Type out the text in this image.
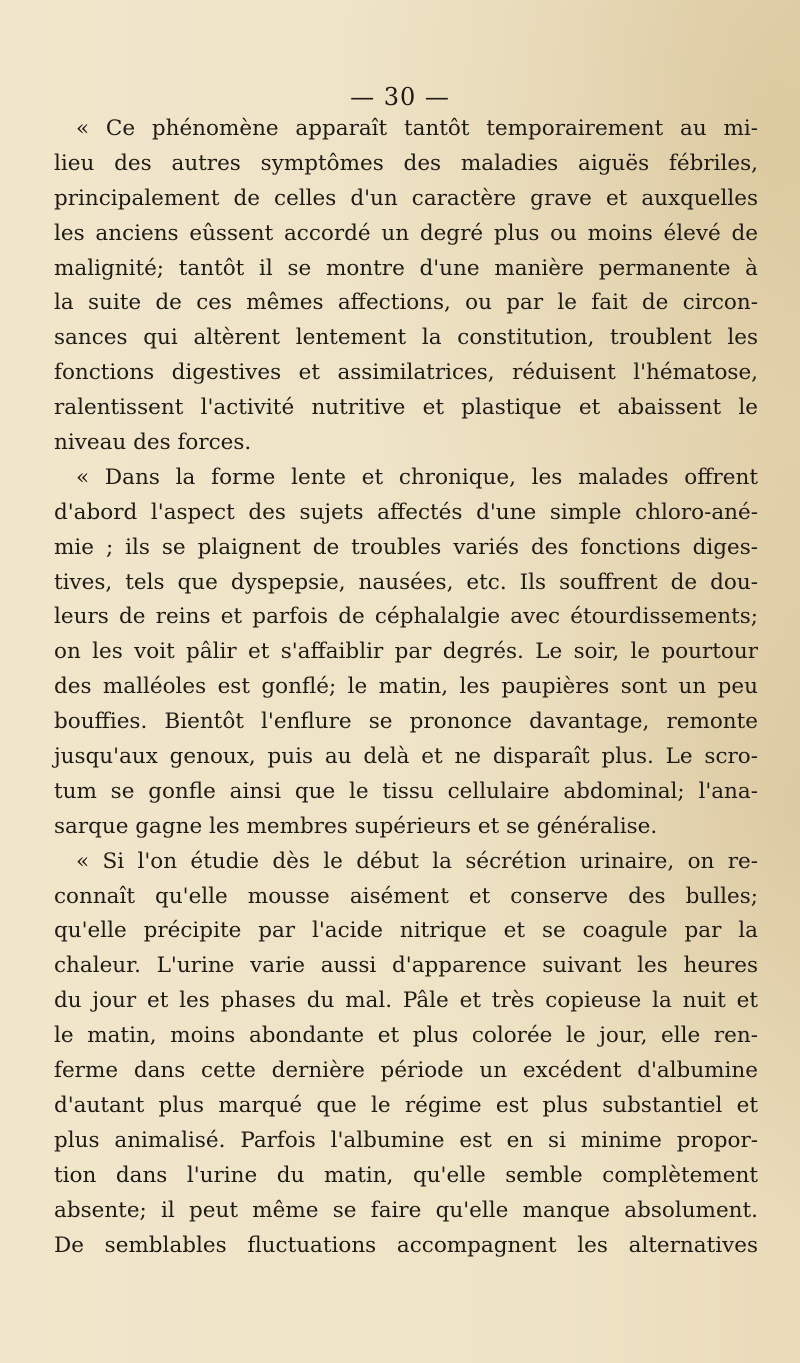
— 30 —
« Ce phénomène apparaît tantôt temporairement au mi-
lieu des autres symptômes des maladies aiguës fébriles,
principalement de celles d'un caractère grave et auxquelles
les anciens eûssent accordé un degré plus ou moins élevé de
malignité; tantôt il se montre d'une manière permanente à
la suite de ces mêmes affections, ou par le fait de circon-
sances qui altèrent lentement la constitution, troublent les
fonctions digestives et assimilatrices, réduisent l'hématose,
ralentissent l'activité nutritive et plastique et abaissent le
niveau des forces.
« Dans la forme lente et chronique, les malades offrent
d'abord l'aspect des sujets affectés d'une simple chloro-ané-
mie ; ils se plaignent de troubles variés des fonctions diges-
tives, tels que dyspepsie, nausées, etc. Ils souffrent de dou-
leurs de reins et parfois de céphalalgie avec étourdissements;
on les voit pâlir et s'affaiblir par degrés. Le soir, le pourtour
des malléoles est gonflé; le matin, les paupières sont un peu
bouffies. Bientôt l'enflure se prononce davantage, remonte
jusqu'aux genoux, puis au delà et ne disparaît plus. Le scro-
tum se gonfle ainsi que le tissu cellulaire abdominal; l'ana-
sarque gagne les membres supérieurs et se généralise.
« Si l'on étudie dès le début la sécrétion urinaire, on re-
connaît qu'elle mousse aisément et conserve des bulles;
qu'elle précipite par l'acide nitrique et se coagule par la
chaleur. L'urine varie aussi d'apparence suivant les heures
du jour et les phases du mal. Pâle et très copieuse la nuit et
le matin, moins abondante et plus colorée le jour, elle ren-
ferme dans cette dernière période un excédent d'albumine
d'autant plus marqué que le régime est plus substantiel et
plus animalisé. Parfois l'albumine est en si minime propor-
tion dans l'urine du matin, qu'elle semble complètement
absente; il peut même se faire qu'elle manque absolument.
De semblables fluctuations accompagnent les alternatives
